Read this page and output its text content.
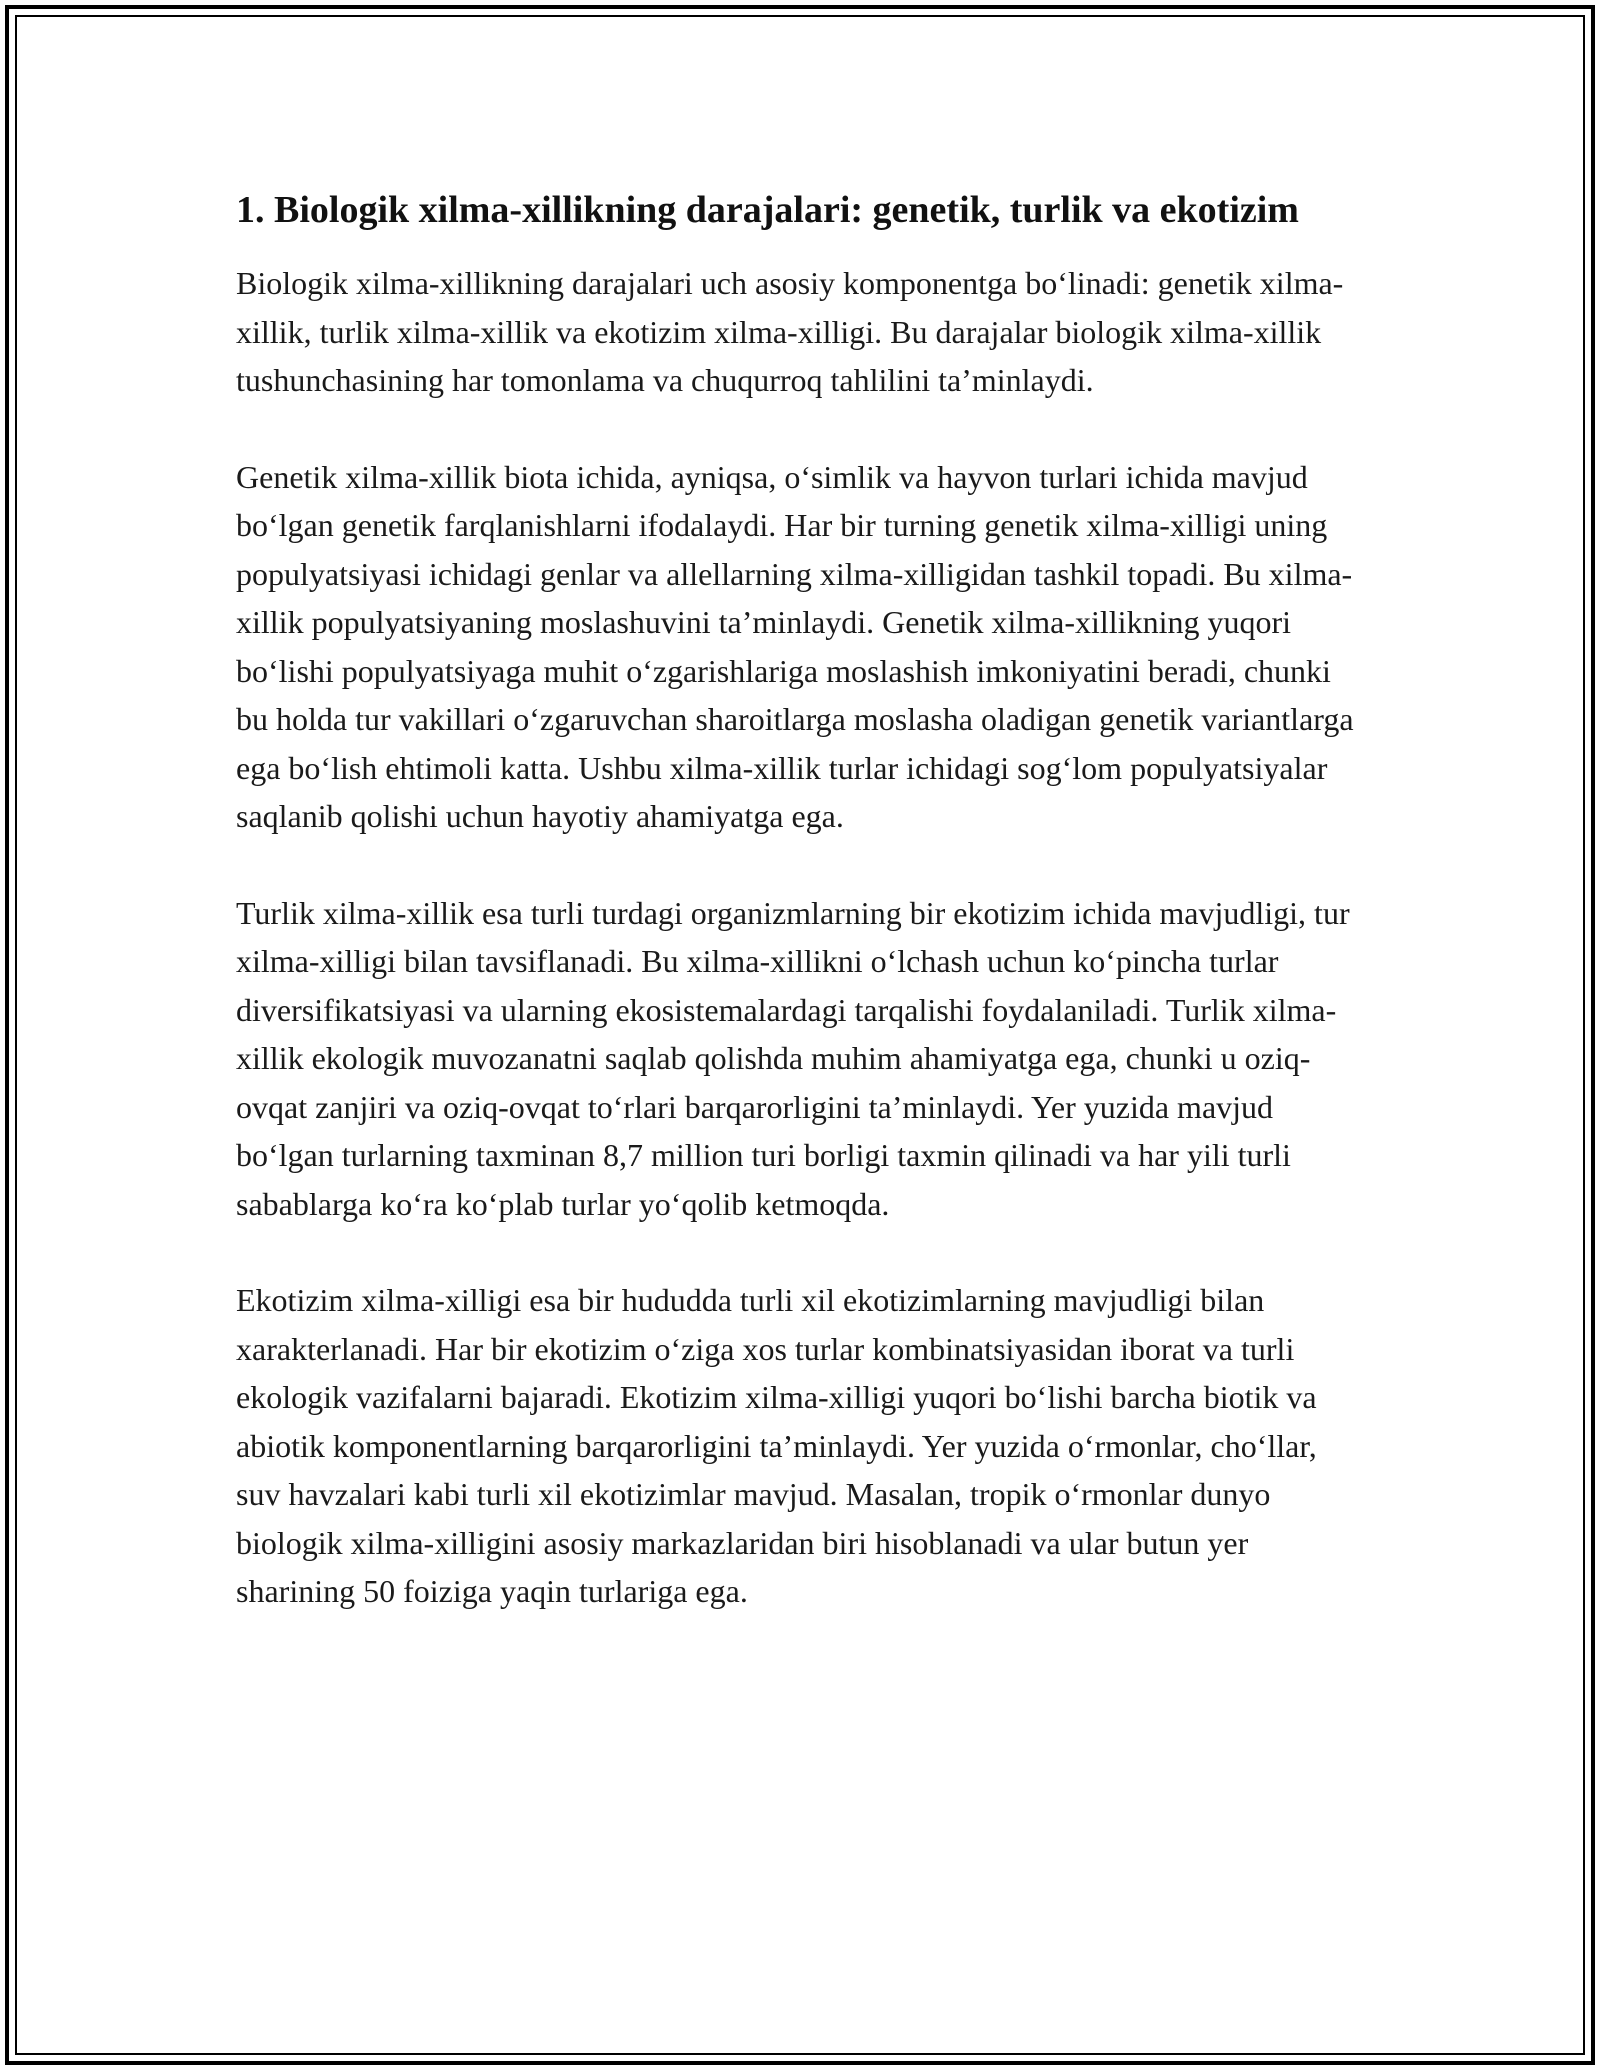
1. Biologik xilma-xillikning darajalari: genetik, turlik va ekotizim

Biologik xilma-xillikning darajalari uch asosiy komponentga bo‘linadi: genetik xilma-xillik, turlik xilma-xillik va ekotizim xilma-xilligi. Bu darajalar biologik xilma-xillik tushunchasining har tomonlama va chuqurroq tahlilini ta’minlaydi.

Genetik xilma-xillik biota ichida, ayniqsa, o‘simlik va hayvon turlari ichida mavjud bo‘lgan genetik farqlanishlarni ifodalaydi. Har bir turning genetik xilma-xilligi uning populyatsiyasi ichidagi genlar va allellarning xilma-xilligidan tashkil topadi. Bu xilma-xillik populyatsiyaning moslashuvini ta’minlaydi. Genetik xilma-xillikning yuqori bo‘lishi populyatsiyaga muhit o‘zgarishlariga moslashish imkoniyatini beradi, chunki bu holda tur vakillari o‘zgaruvchan sharoitlarga moslasha oladigan genetik variantlarga ega bo‘lish ehtimoli katta. Ushbu xilma-xillik turlar ichidagi sog‘lom populyatsiyalar saqlanib qolishi uchun hayotiy ahamiyatga ega.

Turlik xilma-xillik esa turli turdagi organizmlarning bir ekotizim ichida mavjudligi, tur xilma-xilligi bilan tavsiflanadi. Bu xilma-xillikni o‘lchash uchun ko‘pincha turlar diversifikatsiyasi va ularning ekosistemalardagi tarqalishi foydalaniladi. Turlik xilma-xillik ekologik muvozanatni saqlab qolishda muhim ahamiyatga ega, chunki u oziq-ovqat zanjiri va oziq-ovqat to‘rlari barqarorligini ta’minlaydi. Yer yuzida mavjud bo‘lgan turlarning taxminan 8,7 million turi borligi taxmin qilinadi va har yili turli sabablarga ko‘ra ko‘plab turlar yo‘qolib ketmoqda.

Ekotizim xilma-xilligi esa bir hududda turli xil ekotizimlarning mavjudligi bilan xarakterlanadi. Har bir ekotizim o‘ziga xos turlar kombinatsiyasidan iborat va turli ekologik vazifalarni bajaradi. Ekotizim xilma-xilligi yuqori bo‘lishi barcha biotik va abiotik komponentlarning barqarorligini ta’minlaydi. Yer yuzida o‘rmonlar, cho‘llar, suv havzalari kabi turli xil ekotizimlar mavjud. Masalan, tropik o‘rmonlar dunyo biologik xilma-xilligini asosiy markazlaridan biri hisoblanadi va ular butun yer sharining 50 foiziga yaqin turlariga ega.
